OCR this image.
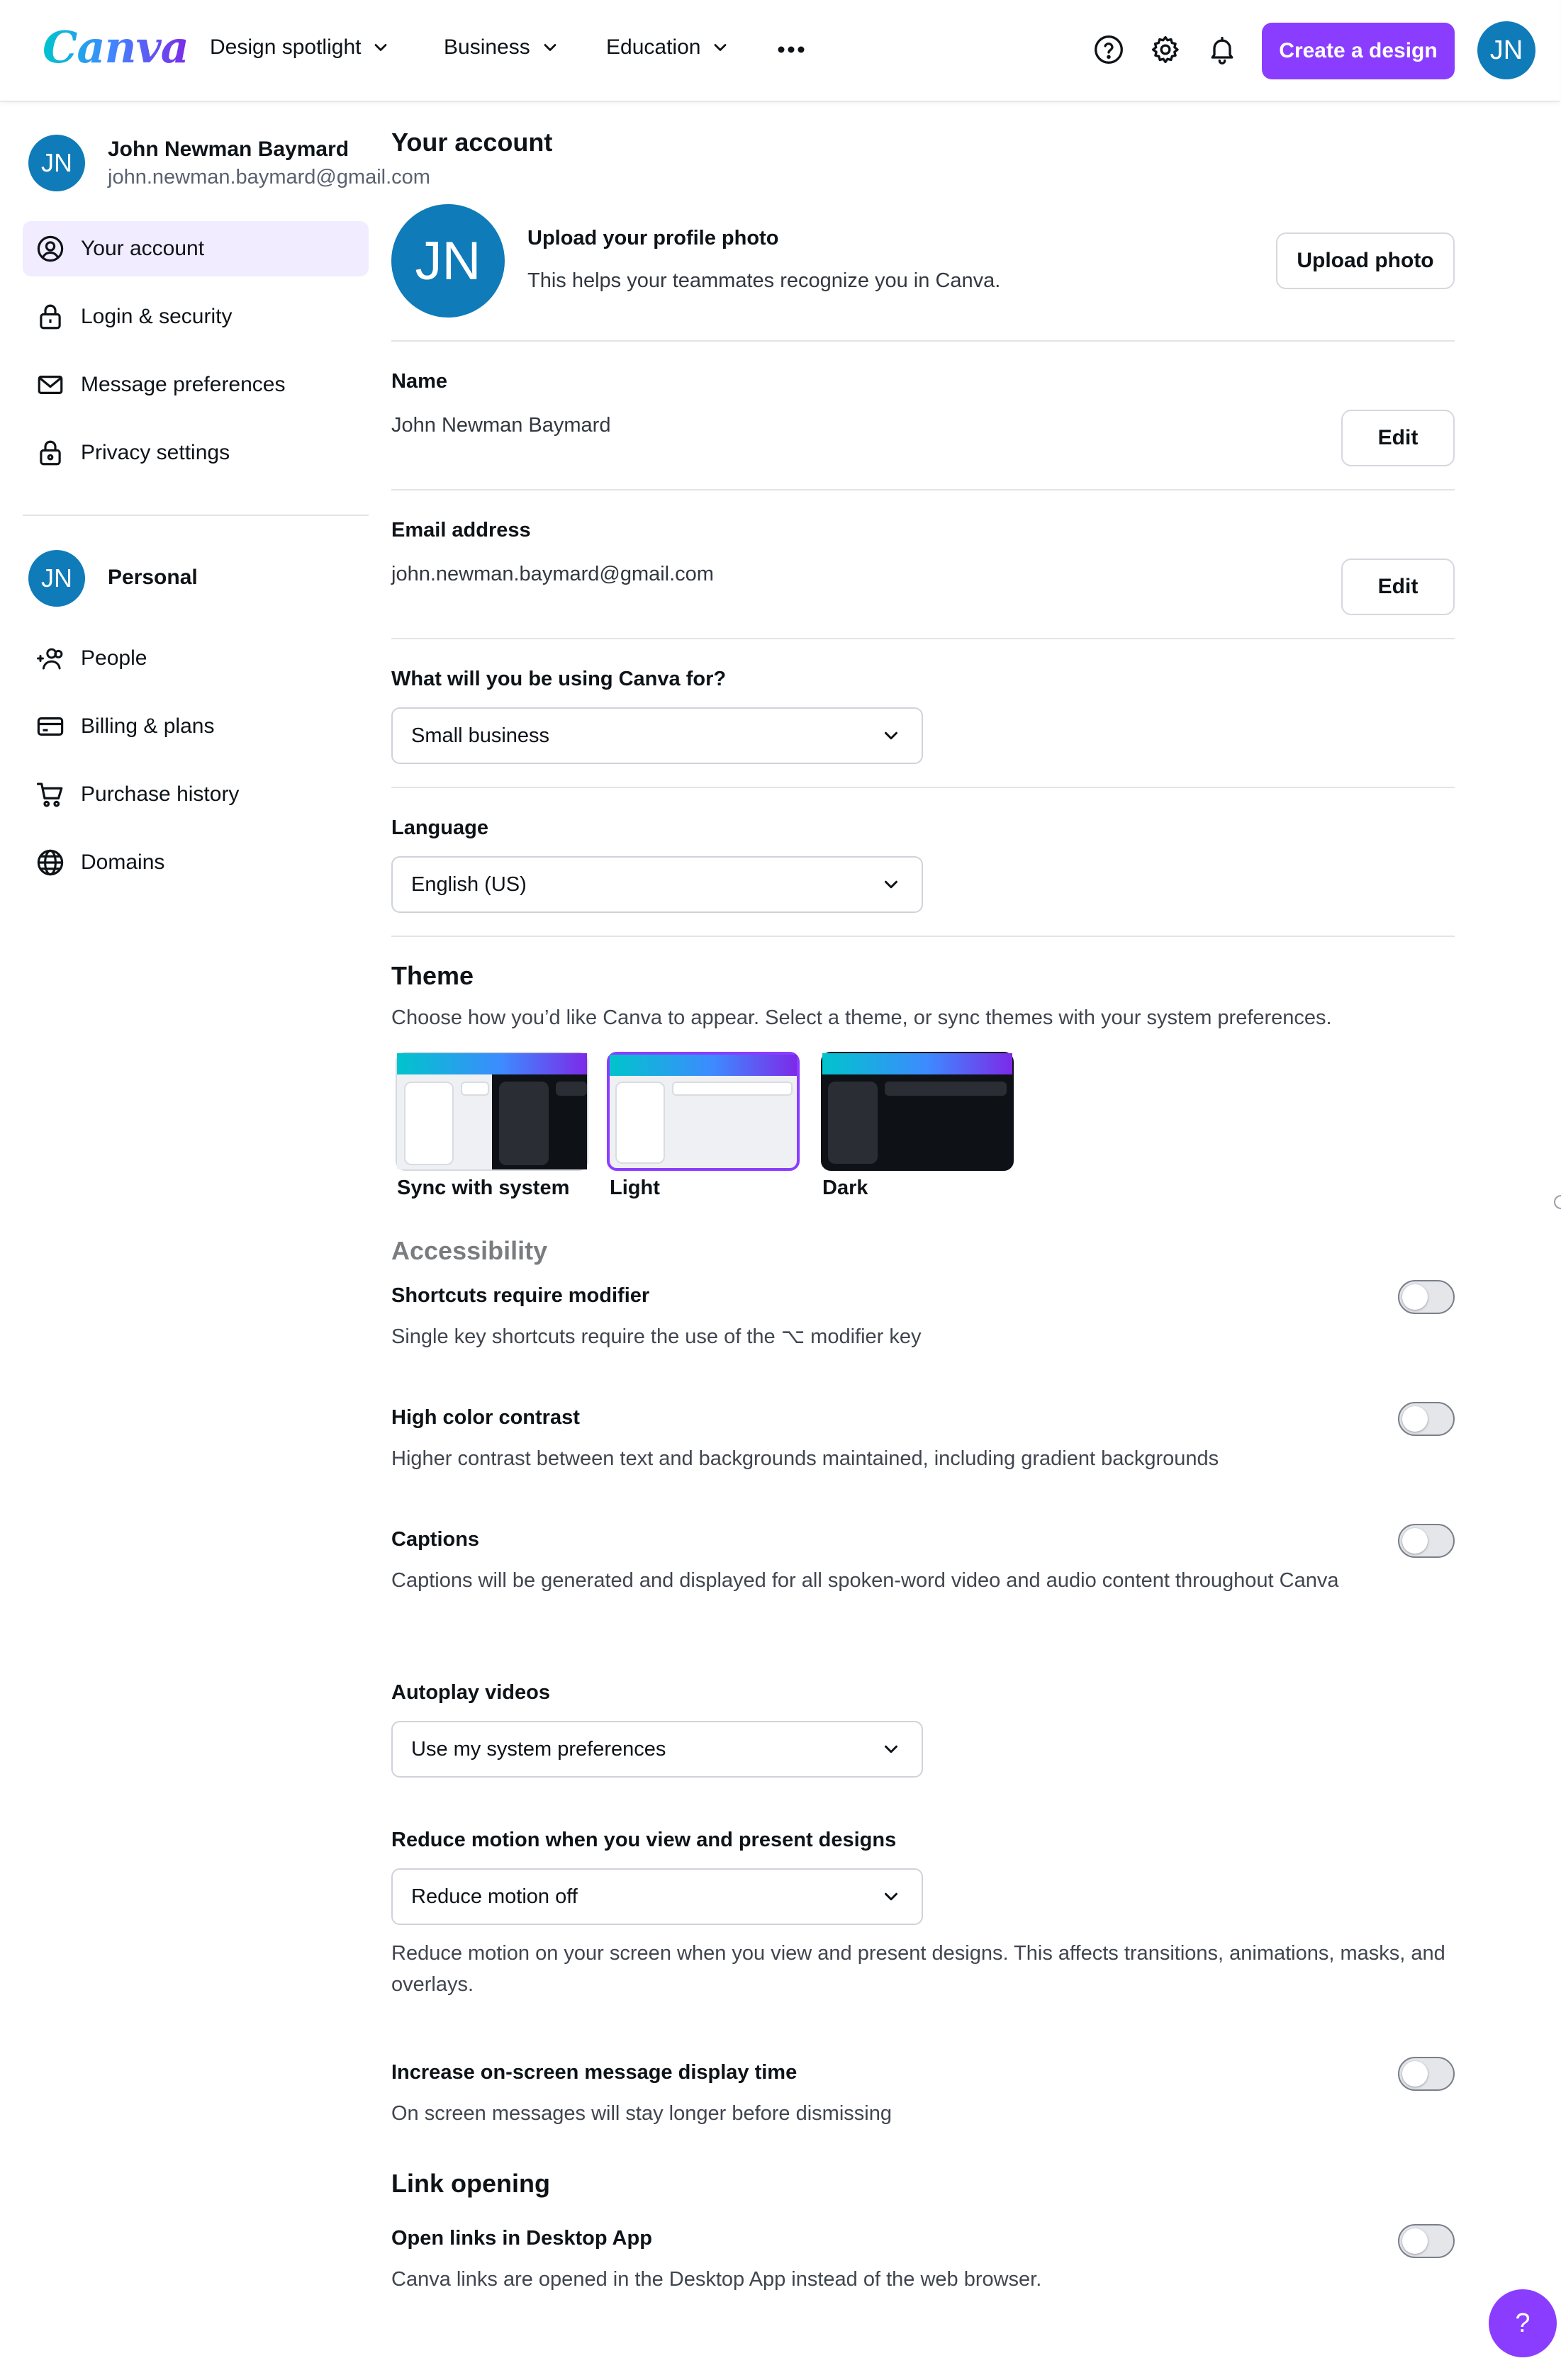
Canva Design spotlight	Business	Education	Create a design	JN
JN	John Newman Baymard
john.newman.baymard@gmail.com
Your account
Login & security
Message preferences
Privacy settings
JN	Personal
People
Billing & plans
Purchase history
Domains
Your account
JN	Upload your profile photo
This helps your teammates recognize you in Canva.
Upload photo
Name
John Newman Baymard
Edit
Email address
john.newman.baymard@gmail.com
Edit
What will you be using Canva for?
Small business
Language
English (US)
Theme
Choose how you’d like Canva to appear. Select a theme, or sync themes with your system preferences.
Sync with system Light	Dark
Accessibility
Shortcuts require modifier
Single key shortcuts require the use of the ⌥ modifier key
High color contrast
Higher contrast between text and backgrounds maintained, including gradient backgrounds
Captions
Captions will be generated and displayed for all spoken-word video and audio content throughout Canva
Autoplay videos
Use my system preferences
Reduce motion when you view and present designs
Reduce motion off
Reduce motion on your screen when you view and present designs. This affects transitions, animations, masks, and overlays.
Increase on-screen message display time
On screen messages will stay longer before dismissing
Link opening
Open links in Desktop App
Canva links are opened in the Desktop App instead of the web browser.
?
